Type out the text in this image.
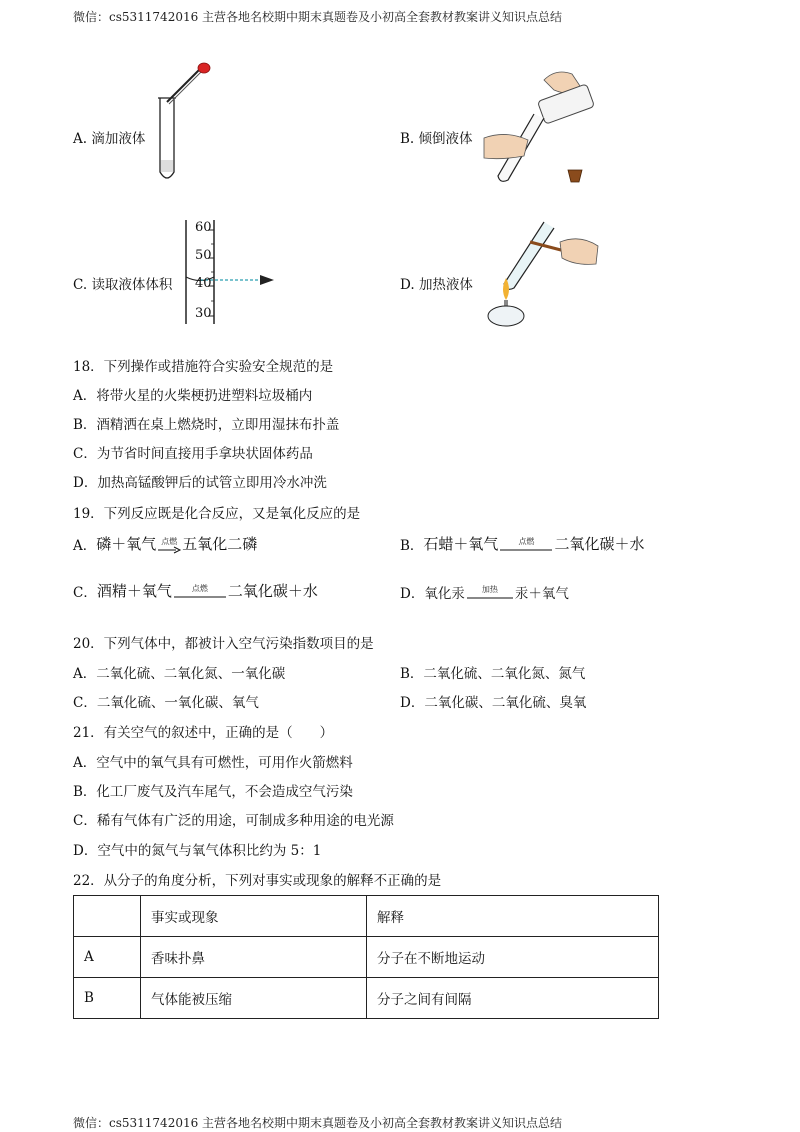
微信：cs5311742016 主营各地名校期中期末真题卷及小初高全套教材教案讲义知识点总结
微信：cs5311742016 主营各地名校期中期末真题卷及小初高全套教材教案讲义知识点总结
A. 滴加液体	B. 倾倒液体
C. 读取液体体积
60
50
40
30
D. 加热液体
18．下列操作或措施符合实验安全规范的是
A．将带火星的火柴梗扔进塑料垃圾桶内
B．酒精洒在桌上燃烧时，立即用湿抹布扑盖
C．为节省时间直接用手拿块状固体药品
D．加热高锰酸钾后的试管立即用冷水冲洗
19．下列反应既是化合反应，又是氧化反应的是
A． 磷＋氧气 点燃 五氧化二磷	B． 石蜡＋氧气	点燃 二氧化碳＋水
C． 酒精＋氧气	点燃 二氧化碳＋水	D． 氧化汞 加热 汞＋氧气
20．下列气体中，都被计入空气污染指数项目的是
A．二氧化硫、二氧化氮、一氧化碳	B．二氧化硫、二氧化氮、氮气
C．二氧化硫、一氧化碳、氧气	D．二氧化碳、二氧化硫、臭氧
21．有关空气的叙述中，正确的是（　　）
A．空气中的氧气具有可燃性，可用作火箭燃料
B．化工厂废气及汽车尾气，不会造成空气污染
C．稀有气体有广泛的用途，可制成多种用途的电光源
D．空气中的氮气与氧气体积比约为 5：1
22．从分子的角度分析，下列对事实或现象的解释不正确的是
	事实或现象	解释
A	香味扑鼻	分子在不断地运动
B	气体能被压缩	分子之间有间隔
